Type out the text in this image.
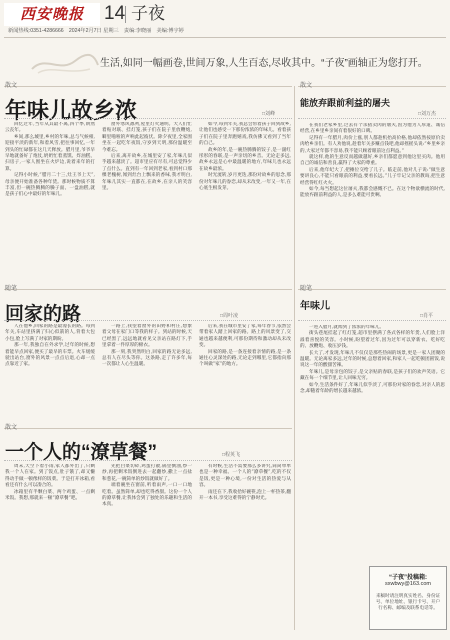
西安晚报	14 子夜
新闻热线:0351-4286666　2024年2月7日 星期三　责编:李晓丽　美编:傅宇婷
生活,如同一幅画卷,世间万象,人生百态,尽收其中。“子夜”画轴正为您打开。
散文
年味儿故乡浓	□刘峰

回忆过年,当年从其最不离,四个季,朗然云丧年。

乡间,那么城里,乡村的年味,总与气候相,迎接平淡的新年,和着风雪,把往事回忆,一年到头的忙碌都在这几天释放。腊月里,爷爷早早地就备好了炮仗,奶奶忙着蒸馍、炸油糕、扫房子,一家人围坐在火炉边,说着来年的打算。

记得小时候,“腊月二十三,灶王爷上天”,母亲便开始准备各种年货。那时候物质不算丰富,但一碗热腾腾的臊子面、一盘油糕,就是孩子们心中最好的年味儿。

窗外寒风凛冽,屋里灯火通明。大人们忙着贴对联、挂灯笼,孩子们在院子里放鞭炮,噼里啪啦的声响此起彼伏。除夕夜里,全家围坐在一起吃年夜饭,守岁到天明,那份温暖至今难忘。

后来,离开故乡,在城里安了家,年味儿似乎越来越淡了。超市里应有尽有,可总觉得少了点什么。直到有一年回到老家,看到村口那棵老槐树,闻到灶台上飘来的香味,我才明白,年味儿其实一直都在,在故乡,在亲人的笑容里。

如今,每到年关,我总会带着孩子回到故乡,让他们也感受一下那份浓浓的年味儿。看着孩子们在院子里奔跑嬉戏,我仿佛又看到了当年的自己。

故乡的年,是一碗热腾腾的饺子,是一副红彤彤的春联,是一声亲切的乡音。无论走多远,故乡永远是心中最温暖的地方,年味儿也永远在故乡最浓。

时光流转,岁月更迭,那份对故乡的思念,那份对年味儿的眷恋,却从未改变,一年又一年,在心底生根发芽。

随笔
回家的路	□周叶凌

人在他乡,回家的路是最漫长的路。每到年关,车站里挤满了归心似箭的人,背着大包小包,脸上写满了对家的期盼。

那一年,我独自在外求学,过年的时候,想着能早点回家,便买了最早的车票。火车缓缓驶出站台,窗外的风景一点点后退,心却一点点靠近了家。

一路上,我望着窗外的田野和村庄,想象着父母在家门口等我的样子。到站的时候,天已经黑了,远远地就看见父亲站在路灯下,手里拿着一件厚厚的棉衣。

那一刻,我突然明白,回家的路无论多远,总有人在尽头等你。这条路,走了许多年,每一次都让人心生温暖。

后来,我在城市里安了家,每年春节,依然会带着家人踏上回家的路。路上的风景变了,交通也越来越便利,可那份期待和激动却从未改变。

回家的路,是一条连接着亲情的路,是一条通往心灵深处的路,无论走到哪里,它都指向那个叫做“家”的地方。

散文
一个人的“潦草餐”	□程英飞

周末,天空下着小雨,家人都外出了,只剩我一个人在家。到了饭点,肚子饿了,却又懒得动手做一顿像样的饭菜。于是打开冰箱,看看还有什么可以凑合的。

冰箱里有半颗白菜、两个鸡蛋、一点剩米饭。我想,那就来一顿“潦草餐”吧。

先把白菜切碎,鸡蛋打散,锅里倒油,炒一炒,再把剩米饭倒进去一起翻炒,撒上一点盐和葱花,一碗简单的炒饭就做好了。

端着碗坐在窗前,听着雨声,一口一口地吃着。虽然简单,却也吃得香甜。这份一个人的潦草餐,让我体会到了独处的乐趣和生活的本真。

有时候,生活不需要那么多讲究,简简单单也是一种幸福。一个人的“潦草餐”,吃的不仅是饭,更是一种心境,一份对生活的热爱与从容。

雨还在下,我收拾好碗筷,泡上一杯热茶,翻开一本书,享受这难得的宁静时光。

散文
能放弃跟前利益的屠夫
□刘万杰

在我们老家乡里,过去有个杀猪卖肉的屠夫,因为他为人厚道、诚信经营,在乡里乡亲间有着很好的口碑。

记得有一年腊月,肉价上涨,别人都趁机抬高价格,他却依然按原价卖肉给乡亲们。有人劝他说,趁着年关多赚点钱吧,他却摇摇头说:“乡里乡亲的,大家过年都不容易,我不能只顾着眼前这点利益。”

就这样,他的生意反而越做越好,乡亲们都愿意到他这里买肉。他用自己的诚信和善良,赢得了大家的尊重。

后来,他年纪大了,把摊位交给了儿子。临走前,他对儿子说:“做生意要讲良心,不能只看眼前的利益,要看长远。”儿子牢记父亲的教诲,把生意经营得红红火火。

如今,每当想起这位屠夫,我都会感慨不已。在这个物欲横流的时代,能放弃跟前利益的人,是多么难能可贵啊。

随笔
年味儿
□肖平

一进入腊月,就闻到了浓浓的年味儿。

街头巷尾挂起了红灯笼,超市里摆满了各式各样的年货,人们脸上洋溢着喜悦的笑容。小时候,盼望着过年,因为过年可以穿新衣、吃好吃的、放鞭炮、收压岁钱。

长大了,才发现,年味儿不仅仅是那些热闹的场景,更是一家人团聚的温暖。无论离家多远,过年的时候,总想着回家,和家人一起吃顿团圆饭,说说这一年的酸甜苦辣。

年味儿,是母亲包的饺子,是父亲贴的春联,是孩子们的欢声笑语。它藏在每一个细节里,让人回味无穷。

如今,生活条件好了,年味儿似乎淡了,可那份对家的眷恋,对亲人的思念,却随着年龄的增长越来越浓。

“子夜”投稿箱:
sxwbwy@163.com
来稿时请注明真实姓名、身份证号、单位地址、银行卡号、开户行名称、邮编及联系电话等。
